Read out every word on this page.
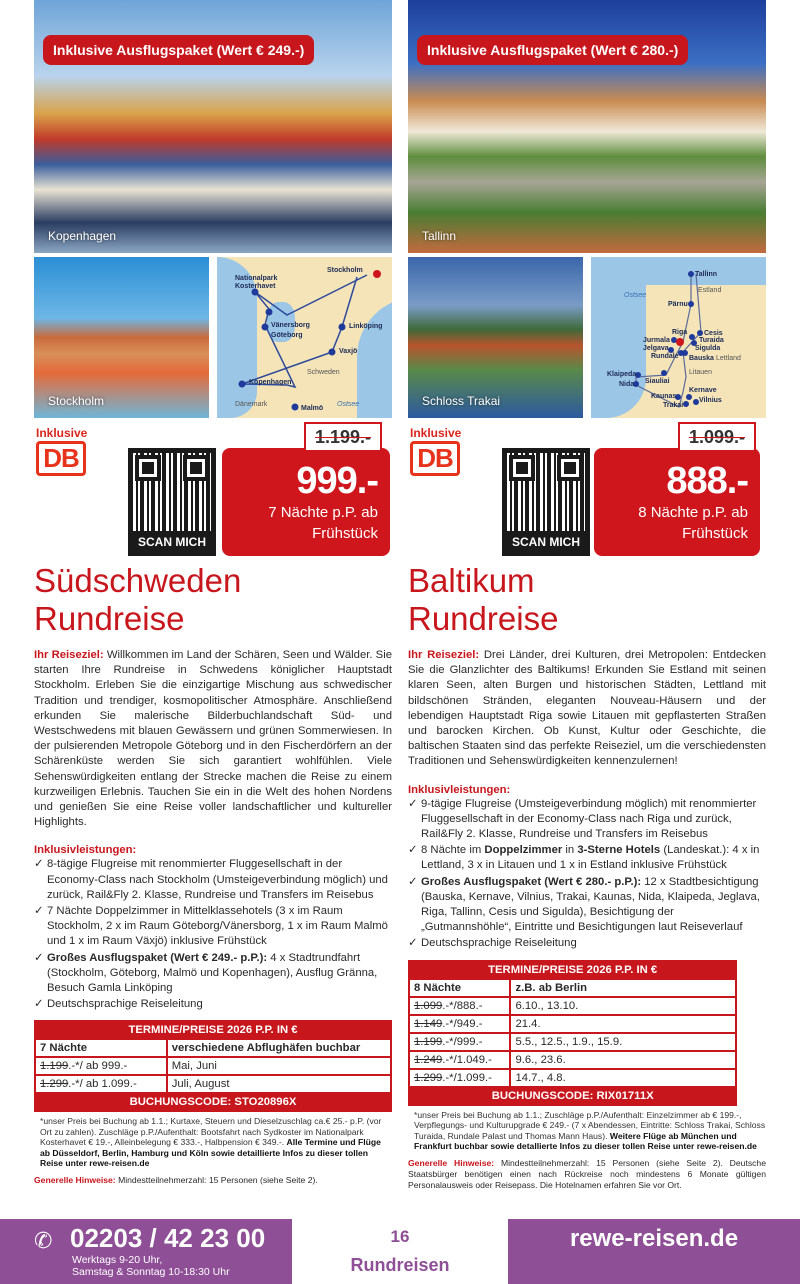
Inklusive Ausflugspaket (Wert € 249.-)
Kopenhagen
Stockholm
Stockholm
Nationalpark Kosterhavet
Vänersborg
Göteborg
Linköping
Vaxjö
Schweden
Kopenhagen
Dänemark
Malmö
Ostsee
Inklusive
DB
SCAN MICH
999.-
7 Nächte p.P. ab
Frühstück
1.199.-
Südschweden
Rundreise

Ihr Reiseziel: Willkommen im Land der Schären, Seen und Wälder. Sie starten Ihre Rundreise in Schwedens königlicher Hauptstadt Stockholm. Erleben Sie die einzigartige Mischung aus schwedischer Tradition und trendiger, kosmopolitischer Atmosphäre. Anschließend erkunden Sie malerische Bilderbuchlandschaft Süd- und Westschwedens mit blauen Gewässern und grünen Sommerwiesen. In der pulsierenden Metropole Göteborg und in den Fischerdörfern an der Schärenküste werden Sie sich garantiert wohlfühlen. Viele Sehenswürdigkeiten entlang der Strecke machen die Reise zu einem kurzweiligen Erlebnis. Tauchen Sie ein in die Welt des hohen Nordens und genießen Sie eine Reise voller landschaftlicher und kultureller Highlights.

Inklusivleistungen:
✓ 8-tägige Flugreise mit renommierter Fluggesellschaft in der Economy-Class nach Stockholm (Umsteigeverbindung möglich) und zurück, Rail&Fly 2. Klasse, Rundreise und Transfers im Reisebus
✓ 7 Nächte Doppelzimmer in Mittelklassehotels (3 x im Raum Stockholm, 2 x im Raum Göteborg/Vänersborg, 1 x im Raum Malmö und 1 x im Raum Växjö) inklusive Frühstück
✓ Großes Ausflugspaket (Wert € 249.- p.P.): 4 x Stadtrundfahrt (Stockholm, Göteborg, Malmö und Kopenhagen), Ausflug Gränna, Besuch Gamla Linköping
✓ Deutschsprachige Reiseleitung
TERMINE/PREISE 2026 P.P. IN €	
7 Nächte	verschiedene Abflughäfen buchbar
1.199.-*/ ab 999.-	Mai, Juni
1.299.-*/ ab 1.099.-	Juli, August
BUCHUNGSCODE: STO20896X	

*unser Preis bei Buchung ab 1.1.; Kurtaxe, Steuern und Dieselzuschlag ca.€ 25.- p.P. (vor Ort zu zahlen). Zuschläge p.P./Aufenthalt: Bootsfahrt nach Sydkoster im Nationalpark Kosterhavet € 19.-, Alleinbelegung € 333.-, Halbpension € 349.-. Alle Termine und Flüge ab Düsseldorf, Berlin, Hamburg und Köln sowie detaillierte Infos zu dieser tollen Reise unter rewe-reisen.de

Generelle Hinweise: Mindestteilnehmerzahl: 15 Personen (siehe Seite 2).

Inklusive Ausflugspaket (Wert € 280.-)
Tallinn
Schloss Trakai
Tallinn
Estland
Ostsee
Pärnu
Riga Cesis
Jurmala	Turaida
Jelgava	Sigulda
Rundale Bauska Lettland
Litauen
Klaipeda
Siauliai
Nida
Kernave
Kaunas
Vilnius
Trakai
Inklusive
DB
SCAN MICH
888.-
8 Nächte p.P. ab
Frühstück
1.099.-
Baltikum
Rundreise

Ihr Reiseziel: Drei Länder, drei Kulturen, drei Metropolen: Entdecken Sie die Glanzlichter des Baltikums! Erkunden Sie Estland mit seinen klaren Seen, alten Burgen und historischen Städten, Lettland mit bildschönen Stränden, eleganten Nouveau-Häusern und der lebendigen Hauptstadt Riga sowie Litauen mit gepflasterten Straßen und barocken Kirchen. Ob Kunst, Kultur oder Geschichte, die baltischen Staaten sind das perfekte Reiseziel, um die verschiedensten Traditionen und Sehenswürdigkeiten kennenzulernen!

Inklusivleistungen:
✓ 9-tägige Flugreise (Umsteigeverbindung möglich) mit renommierter Fluggesellschaft in der Economy-Class nach Riga und zurück, Rail&Fly 2. Klasse, Rundreise und Transfers im Reisebus
✓ 8 Nächte im Doppelzimmer in 3-Sterne Hotels (Landeskat.): 4 x in Lettland, 3 x in Litauen und 1 x in Estland inklusive Frühstück
✓ Großes Ausflugspaket (Wert € 280.- p.P.): 12 x Stadtbesichtigung (Bauska, Kernave, Vilnius, Trakai, Kaunas, Nida, Klaipeda, Jeglava, Riga, Tallinn, Cesis und Sigulda), Besichtigung der „Gutmannshöhle“, Eintritte und Besichtigungen laut Reiseverlauf
✓ Deutschsprachige Reiseleitung
TERMINE/PREISE 2026 P.P. IN €	
8 Nächte	z.B. ab Berlin
1.099.-*/888.-	6.10., 13.10.
1.149.-*/949.-	21.4.
1.199.-*/999.-	5.5., 12.5., 1.9., 15.9.
1.249.-*/1.049.-	9.6., 23.6.
1.299.-*/1.099.-	14.7., 4.8.
BUCHUNGSCODE: RIX01711X	

*unser Preis bei Buchung ab 1.1.; Zuschläge p.P./Aufenthalt: Einzelzimmer ab € 199.-, Verpflegungs- und Kulturupgrade € 249.- (7 x Abendessen, Eintritte: Schloss Trakai, Schloss Turaida, Rundale Palast und Thomas Mann Haus). Weitere Flüge ab München und Frankfurt buchbar sowie detallierte Infos zu dieser tollen Reise unter rewe-reisen.de

Generelle Hinweise: Mindestteilnehmerzahl: 15 Personen (siehe Seite 2). Deutsche Staatsbürger benötigen einen nach Rückreise noch mindestens 6 Monate gültigen Personalausweis oder Reisepass. Die Hotelnamen erfahren Sie vor Ort.

✆ 02203 / 42 23 00
Werktags 9-20 Uhr,
Samstag & Sonntag 10-18:30 Uhr
16
Rundreisen
rewe-reisen.de
